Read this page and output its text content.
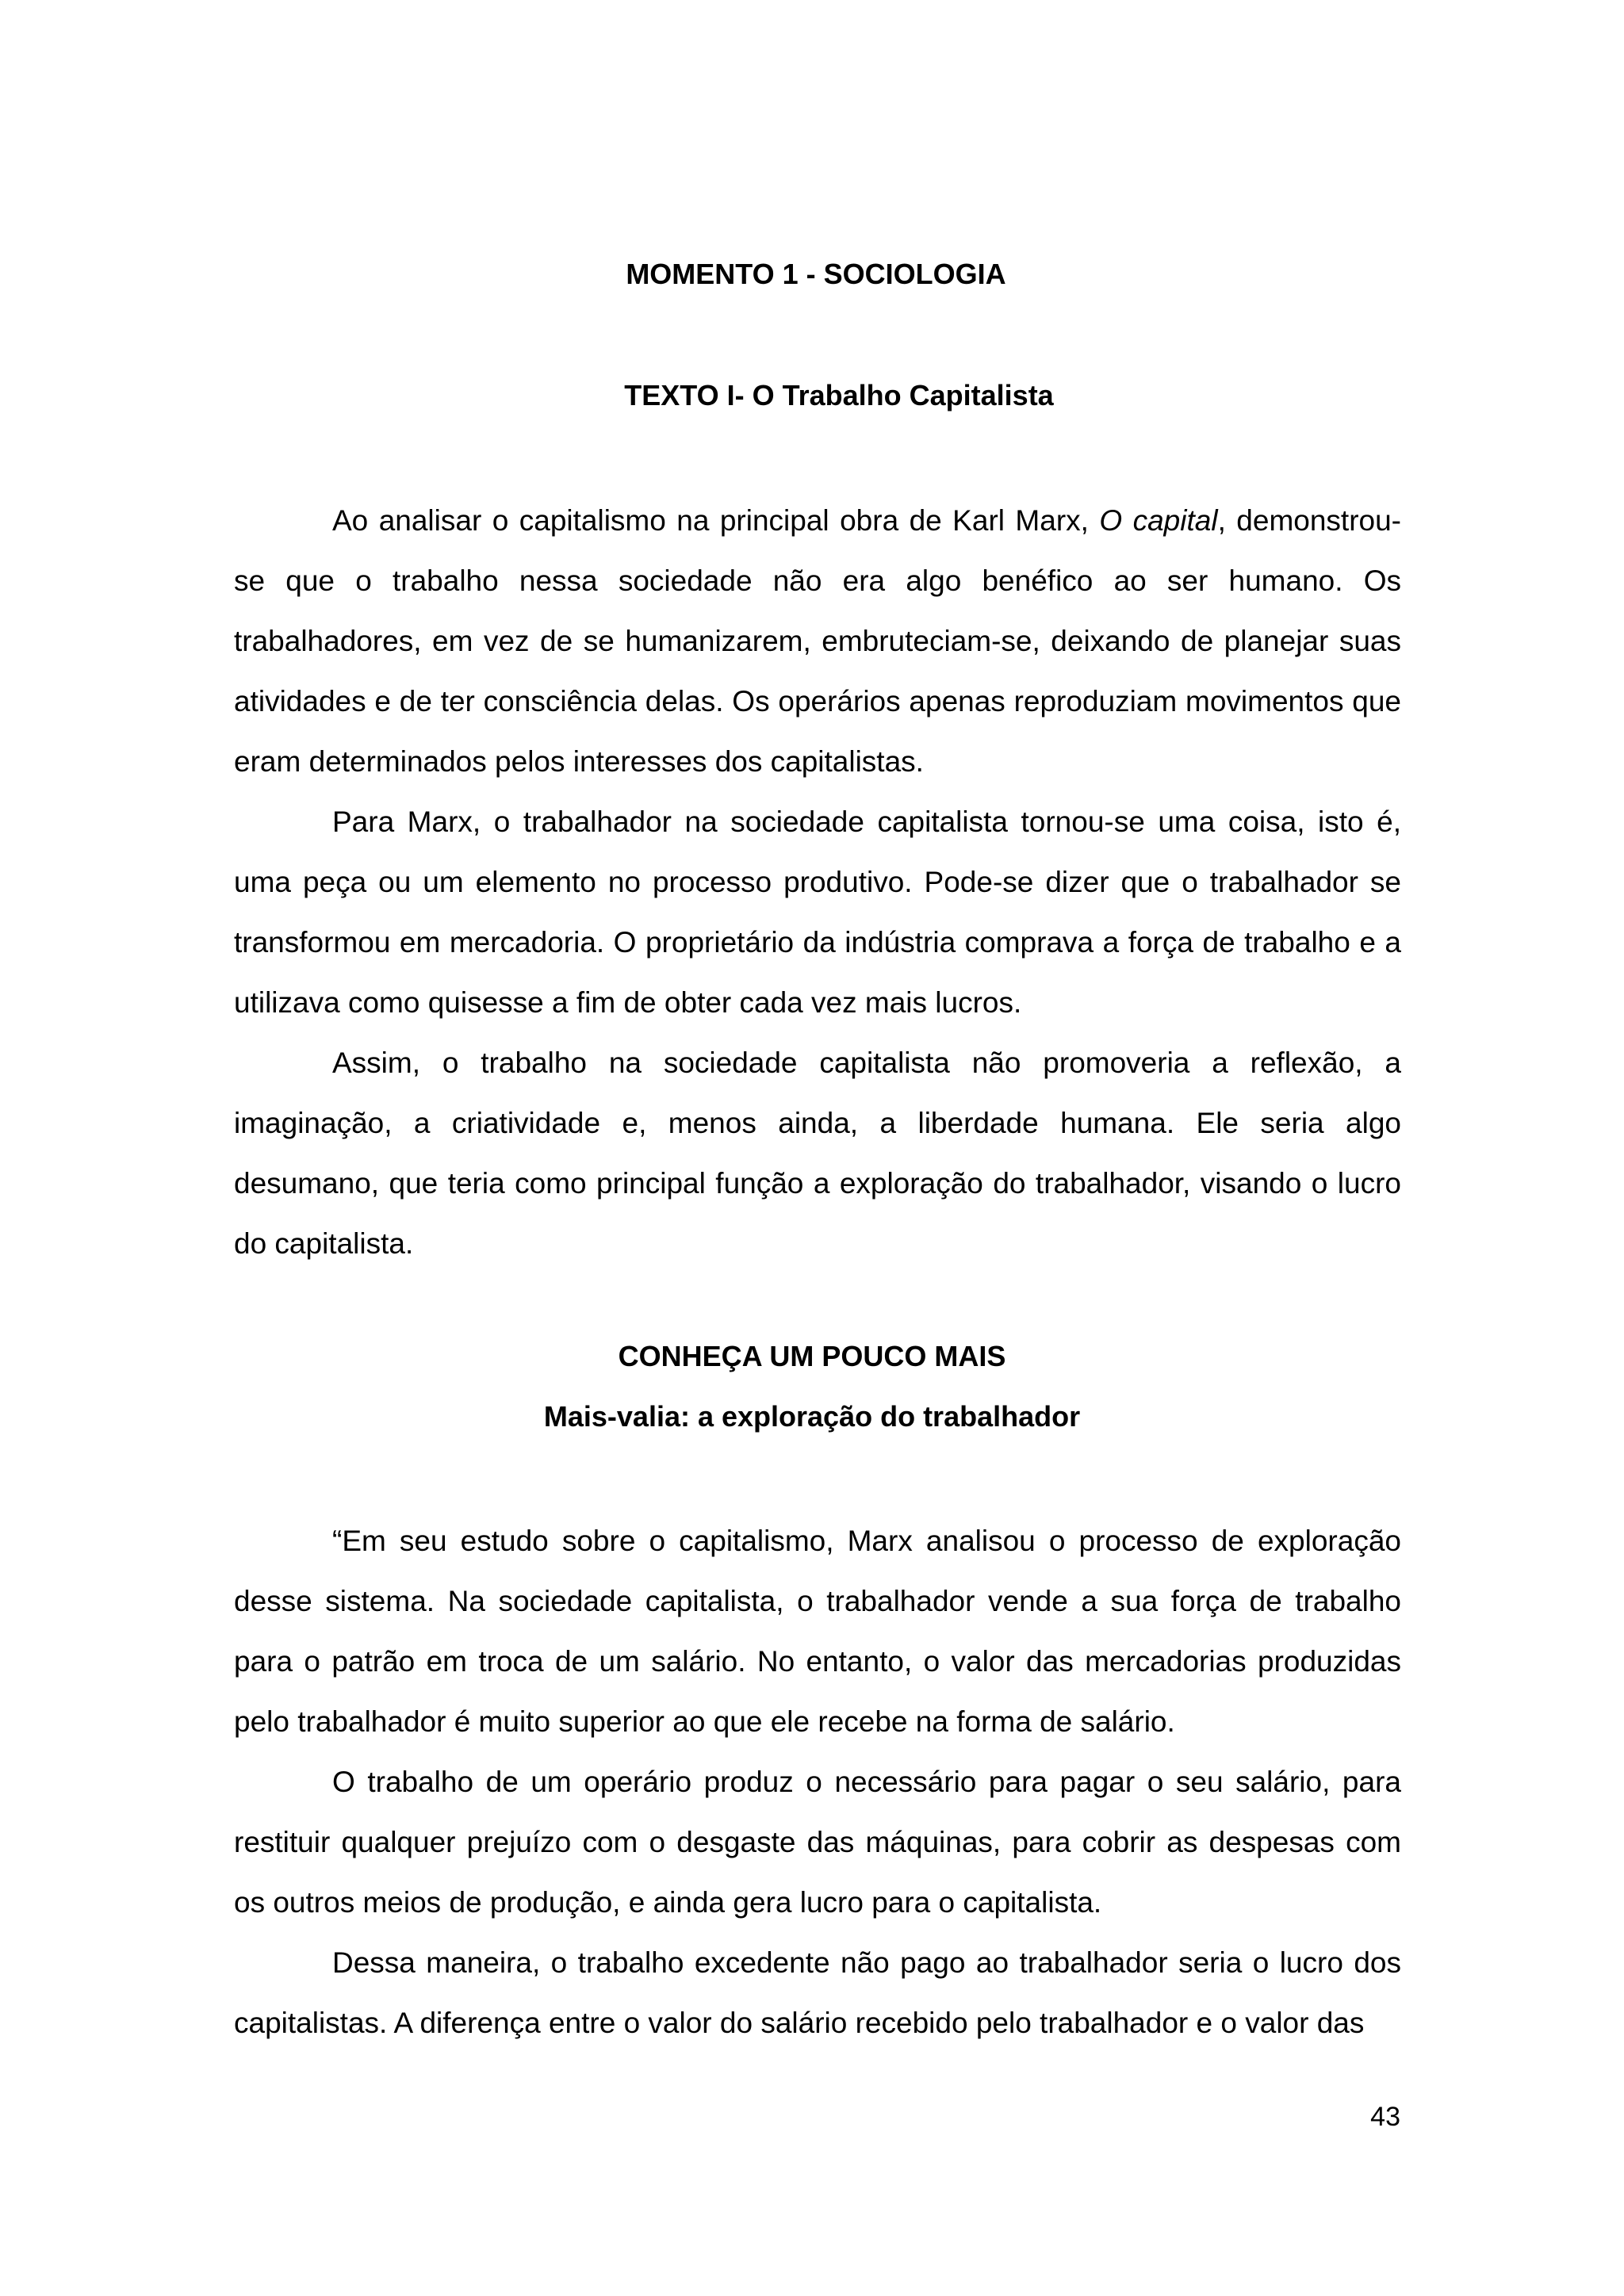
MOMENTO 1 - SOCIOLOGIA
TEXTO I- O Trabalho Capitalista

Ao analisar o capitalismo na principal obra de Karl Marx, O capital, demonstrou-se que o trabalho nessa sociedade não era algo benéfico ao ser humano. Os trabalhadores, em vez de se humanizarem, embruteciam-se, deixando de planejar suas atividades e de ter consciência delas. Os operários apenas reproduziam movimentos que eram determinados pelos interesses dos capitalistas.

Para Marx, o trabalhador na sociedade capitalista tornou-se uma coisa, isto é, uma peça ou um elemento no processo produtivo. Pode-se dizer que o trabalhador se transformou em mercadoria. O proprietário da indústria comprava a força de trabalho e a utilizava como quisesse a fim de obter cada vez mais lucros.

Assim, o trabalho na sociedade capitalista não promoveria a reflexão, a imaginação, a criatividade e, menos ainda, a liberdade humana. Ele seria algo desumano, que teria como principal função a exploração do trabalhador, visando o lucro do capitalista.

CONHEÇA UM POUCO MAIS
Mais-valia: a exploração do trabalhador

“Em seu estudo sobre o capitalismo, Marx analisou o processo de exploração desse sistema. Na sociedade capitalista, o trabalhador vende a sua força de trabalho para o patrão em troca de um salário. No entanto, o valor das mercadorias produzidas pelo trabalhador é muito superior ao que ele recebe na forma de salário.

O trabalho de um operário produz o necessário para pagar o seu salário, para restituir qualquer prejuízo com o desgaste das máquinas, para cobrir as despesas com os outros meios de produção, e ainda gera lucro para o capitalista.

Dessa maneira, o trabalho excedente não pago ao trabalhador seria o lucro dos capitalistas. A diferença entre o valor do salário recebido pelo trabalhador e o valor das

43
